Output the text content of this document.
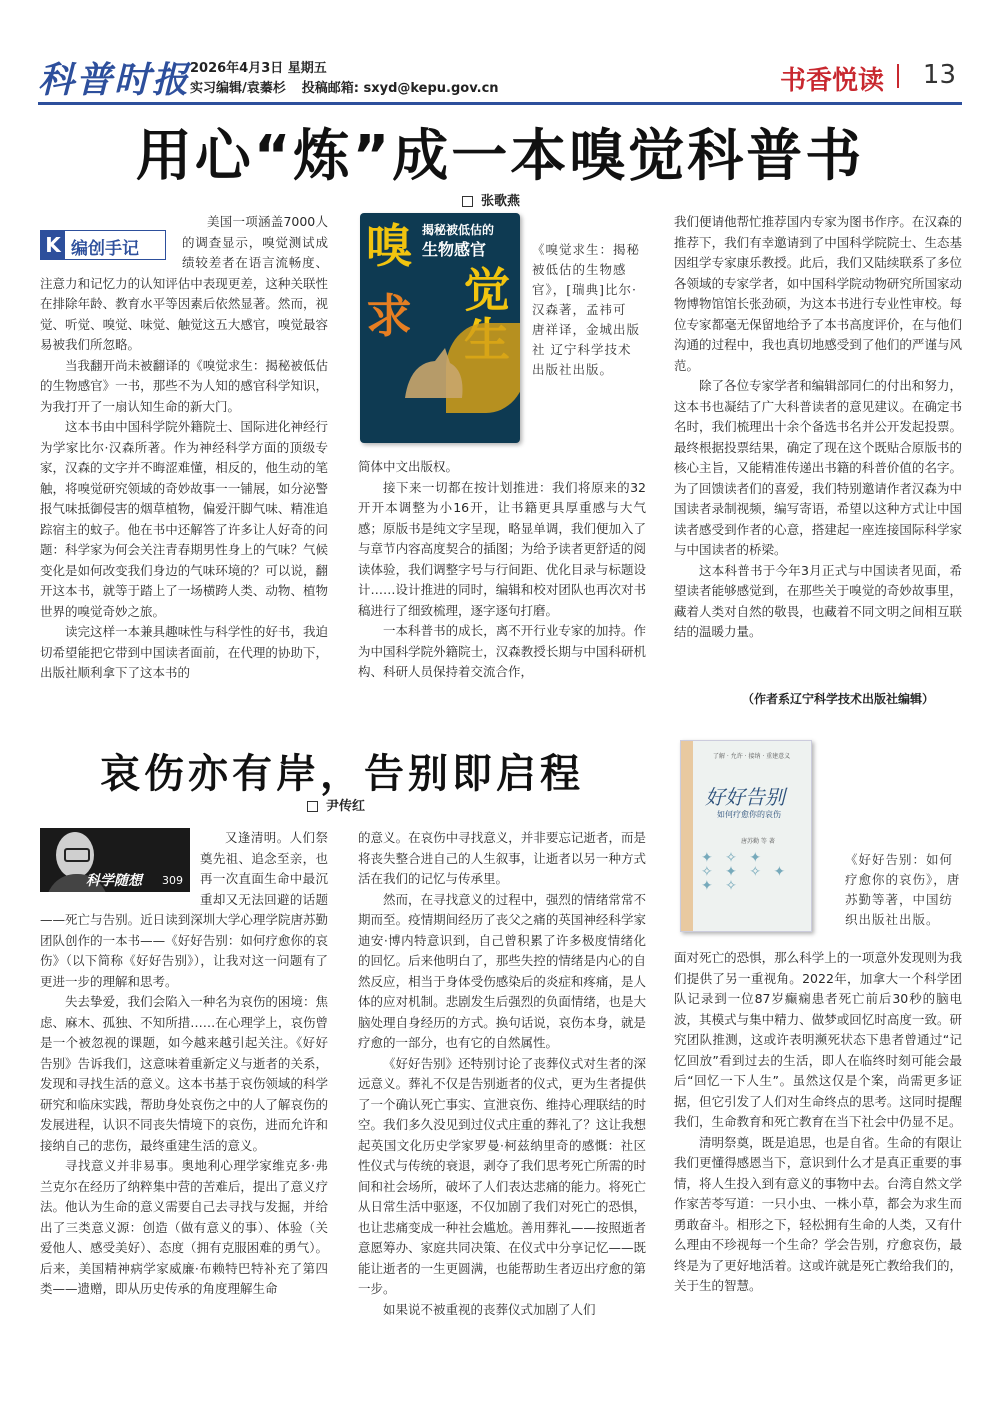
科普时报 2026年4月3日 星期五
实习编辑/袁蓁杉 投稿邮箱: sxyd@kepu.gov.cn	书香悦读 13
用心“炼”成一本嗅觉科普书
张歌燕
K 编创手记

美国一项涵盖7000人的调查显示，嗅觉测试成绩较差者在语言流畅度、注意力和记忆力的认知评估中表现更差，这种关联性在排除年龄、教育水平等因素后依然显著。然而，视觉、听觉、嗅觉、味觉、触觉这五大感官，嗅觉最容易被我们所忽略。

当我翻开尚未被翻译的《嗅觉求生：揭秘被低估的生物感官》一书，那些不为人知的感官科学知识，为我打开了一扇认知生命的新大门。

这本书由中国科学院外籍院士、国际进化神经行为学家比尔·汉森所著。作为神经科学方面的顶级专家，汉森的文字并不晦涩难懂，相反的，他生动的笔触，将嗅觉研究领域的奇妙故事一一铺展，如分泌警报气味抵御侵害的烟草植物，偏爱汗脚气味、精准追踪宿主的蚊子。他在书中还解答了许多让人好奇的问题：科学家为何会关注青春期男性身上的气味？气候变化是如何改变我们身边的气味环境的？可以说，翻开这本书，就等于踏上了一场横跨人类、动物、植物世界的嗅觉奇妙之旅。

读完这样一本兼具趣味性与科学性的好书，我迫切希望能把它带到中国读者面前，在代理的协助下，出版社顺利拿下了这本书的

嗅
求 觉
揭秘被低估的
生物感官	《嗅觉求生：揭秘被低估的生物感官》，[瑞典]比尔·汉森著，孟祎可 唐祥译，金城出版社 辽宁科学技术出版社出版。

简体中文出版权。

接下来一切都在按计划推进：我们将原来的32开开本调整为小16开，让书籍更具厚重感与大气感；原版书是纯文字呈现，略显单调，我们便加入了与章节内容高度契合的插图；为给予读者更舒适的阅读体验，我们调整字号与行间距、优化目录与标题设计……设计推进的同时，编辑和校对团队也再次对书稿进行了细致梳理，逐字逐句打磨。

一本科普书的成长，离不开行业专家的加持。作为中国科学院外籍院士，汉森教授长期与中国科研机构、科研人员保持着交流合作，

我们便请他帮忙推荐国内专家为图书作序。在汉森的推荐下，我们有幸邀请到了中国科学院院士、生态基因组学专家康乐教授。此后，我们又陆续联系了多位各领域的专家学者，如中国科学院动物研究所国家动物博物馆馆长张劲硕，为这本书进行专业性审校。每位专家都毫无保留地给予了本书高度评价，在与他们沟通的过程中，我也真切地感受到了他们的严谨与风范。

除了各位专家学者和编辑部同仁的付出和努力，这本书也凝结了广大科普读者的意见建议。在确定书名时，我们梳理出十余个备选书名并公开发起投票。最终根据投票结果，确定了现在这个既贴合原版书的核心主旨，又能精准传递出书籍的科普价值的名字。为了回馈读者们的喜爱，我们特别邀请作者汉森为中国读者录制视频，编写寄语，希望以这种方式让中国读者感受到作者的心意，搭建起一座连接国际科学家与中国读者的桥梁。

这本科普书于今年3月正式与中国读者见面，希望读者能够感觉到，在那些关于嗅觉的奇妙故事里，藏着人类对自然的敬畏，也藏着不同文明之间相互联结的温暖力量。

（作者系辽宁科学技术出版社编辑）
哀伤亦有岸，告别即启程
尹传红
科学随想 309

又逢清明。人们祭奠先祖、追念至亲，也再一次直面生命中最沉重却又无法回避的话题——死亡与告别。近日读到深圳大学心理学院唐苏勤团队创作的一本书——《好好告别：如何疗愈你的哀伤》（以下简称《好好告别》），让我对这一问题有了更进一步的理解和思考。

失去挚爱，我们会陷入一种名为哀伤的困境：焦虑、麻木、孤独、不知所措……在心理学上，哀伤曾是一个被忽视的课题，如今越来越引起关注。《好好告别》告诉我们，这意味着重新定义与逝者的关系，发现和寻找生活的意义。这本书基于哀伤领域的科学研究和临床实践，帮助身处哀伤之中的人了解哀伤的发展进程，认识不同丧失情境下的哀伤，进而允许和接纳自己的悲伤，最终重建生活的意义。

寻找意义并非易事。奥地利心理学家维克多·弗兰克尔在经历了纳粹集中营的苦难后，提出了意义疗法。他认为生命的意义需要自己去寻找与发掘，并给出了三类意义源：创造（做有意义的事）、体验（关爱他人、感受美好）、态度（拥有克服困难的勇气）。后来，美国精神病学家威廉·布赖特巴特补充了第四类——遗赠，即从历史传承的角度理解生命

的意义。在哀伤中寻找意义，并非要忘记逝者，而是将丧失整合进自己的人生叙事，让逝者以另一种方式活在我们的记忆与传承里。

然而，在寻找意义的过程中，强烈的情绪常常不期而至。疫情期间经历了丧父之痛的英国神经科学家迪安·博内特意识到，自己曾积累了许多极度情绪化的回忆。后来他明白了，那些失控的情绪是内心的自然反应，相当于身体受伤感染后的炎症和疼痛，是人体的应对机制。悲剧发生后强烈的负面情绪，也是大脑处理自身经历的方式。换句话说，哀伤本身，就是疗愈的一部分，也有它的自然属性。

《好好告别》还特别讨论了丧葬仪式对生者的深远意义。葬礼不仅是告别逝者的仪式，更为生者提供了一个确认死亡事实、宣泄哀伤、维持心理联结的时空。我们多久没见到过仪式庄重的葬礼了？这让我想起英国文化历史学家罗曼·柯兹纳里奇的感慨：社区性仪式与传统的衰退，剥夺了我们思考死亡所需的时间和社会场所，破坏了人们表达悲痛的能力。将死亡从日常生活中驱逐，不仅加剧了我们对死亡的恐惧，也让悲痛变成一种社会尴尬。善用葬礼——按照逝者意愿筹办、家庭共同决策、在仪式中分享记忆——既能让逝者的一生更圆满，也能帮助生者迈出疗愈的第一步。

如果说不被重视的丧葬仪式加剧了人们

了解 · 允许 · 接纳 · 重建意义
好好告别
如何疗愈你的哀伤
唐苏勤 等 著
✦ ✧ ✦
✧ ✦ ✧ ✦
✦ ✧
《好好告别：如何疗愈你的哀伤》，唐苏勤等著，中国纺织出版社出版。

面对死亡的恐惧，那么科学上的一项意外发现则为我们提供了另一重视角。2022年，加拿大一个科学团队记录到一位87岁癫痫患者死亡前后30秒的脑电波，其模式与集中精力、做梦或回忆时高度一致。研究团队推测，这或许表明濒死状态下患者曾通过“记忆回放”看到过去的生活，即人在临终时刻可能会最后“回忆一下人生”。虽然这仅是个案，尚需更多证据，但它引发了人们对生命终点的思考。这同时提醒我们，生命教育和死亡教育在当下社会中仍显不足。

清明祭奠，既是追思，也是自省。生命的有限让我们更懂得感恩当下，意识到什么才是真正重要的事情，将人生投入到有意义的事物中去。台湾自然文学作家苦苓写道：一只小虫、一株小草，都会为求生而勇敢奋斗。相形之下，轻松拥有生命的人类，又有什么理由不珍视每一个生命？学会告别，疗愈哀伤，最终是为了更好地活着。这或许就是死亡教给我们的，关于生的智慧。
